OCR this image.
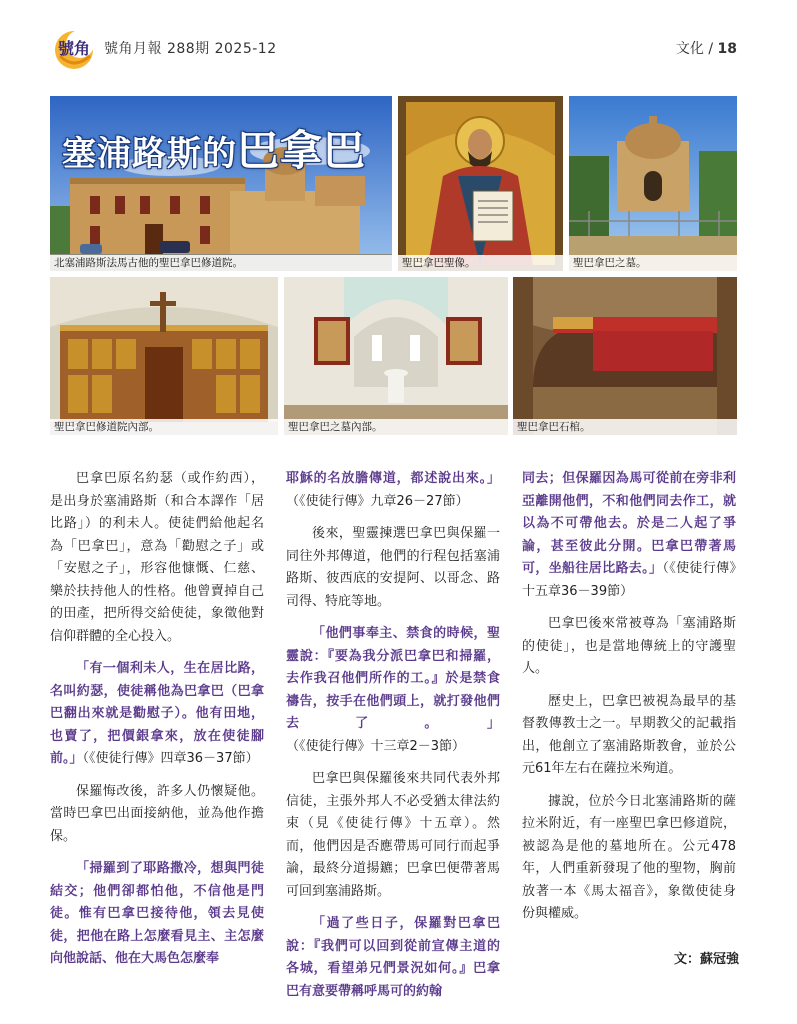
號角 號角月報 288期 2025-12	文化 / 18
塞浦路斯的巴拿巴
北塞浦路斯法馬古他的聖巴拿巴修道院。	聖巴拿巴聖像。	聖巴拿巴之墓。
聖巴拿巴修道院內部。	聖巴拿巴之墓內部。	聖巴拿巴石棺。

巴拿巴原名約瑟（或作約西），是出身於塞浦路斯（和合本譯作「居比路」）的利未人。使徒們給他起名為「巴拿巴」，意為「勸慰之子」或「安慰之子」，形容他慷慨、仁慈、樂於扶持他人的性格。他曾賣掉自己的田產，把所得交給使徒，象徵他對信仰群體的全心投入。

「有一個利未人，生在居比路，名叫約瑟，使徒稱他為巴拿巴（巴拿巴翻出來就是勸慰子）。他有田地，也賣了，把價銀拿來，放在使徒腳前。」（《使徒行傳》四章36－37節）

保羅悔改後，許多人仍懷疑他。當時巴拿巴出面接納他，並為他作擔保。

「掃羅到了耶路撒冷，想與門徒結交；他們卻都怕他，不信他是門徒。惟有巴拿巴接待他，領去見使徒，把他在路上怎麼看見主、主怎麼向他說話、他在大馬色怎麼奉

耶穌的名放膽傳道，都述說出來。」（《使徒行傳》九章26－27節）

後來，聖靈揀選巴拿巴與保羅一同往外邦傳道，他們的行程包括塞浦路斯、彼西底的安提阿、以哥念、路司得、特庇等地。

「他們事奉主、禁食的時候，聖靈說：『要為我分派巴拿巴和掃羅，去作我召他們所作的工。』於是禁食禱告，按手在他們頭上，就打發他們去了。」（《使徒行傳》十三章2－3節）

巴拿巴與保羅後來共同代表外邦信徒，主張外邦人不必受猶太律法約束（見《使徒行傳》十五章）。然而，他們因是否應帶馬可同行而起爭論，最終分道揚鑣；巴拿巴便帶著馬可回到塞浦路斯。

「過了些日子，保羅對巴拿巴說：『我們可以回到從前宣傳主道的各城，看望弟兄們景況如何。』巴拿巴有意要帶稱呼馬可的約翰

同去；但保羅因為馬可從前在旁非利亞離開他們，不和他們同去作工，就以為不可帶他去。於是二人起了爭論，甚至彼此分開。巴拿巴帶著馬可，坐船往居比路去。」（《使徒行傳》十五章36－39節）

巴拿巴後來常被尊為「塞浦路斯的使徒」，也是當地傳統上的守護聖人。

歷史上，巴拿巴被視為最早的基督教傳教士之一。早期教父的記載指出，他創立了塞浦路斯教會，並於公元61年左右在薩拉米殉道。

據說，位於今日北塞浦路斯的薩拉米附近，有一座聖巴拿巴修道院，被認為是他的墓地所在。公元478年，人們重新發現了他的聖物，胸前放著一本《馬太福音》，象徵使徒身份與權威。

文：蘇冠強
